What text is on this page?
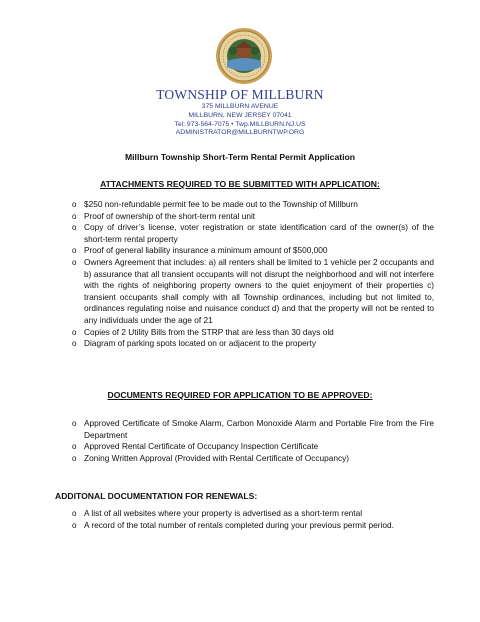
TOWNSHIP OF MILLBURN
375 MILLBURN AVENUE
MILLBURN, NEW JERSEY 07041
Tel: 973-564-7075 • Twp.MILLBURN.NJ.US
ADMINISTRATOR@MILLBURNTWP.ORG
Millburn Township Short-Term Rental Permit Application
ATTACHMENTS REQUIRED TO BE SUBMITTED WITH APPLICATION:
o $250 non-refundable permit fee to be made out to the Township of Millburn
o Proof of ownership of the short-term rental unit
o Copy of driver’s license, voter registration or state identification card of the owner(s) of the short-term rental property
o Proof of general liability insurance a minimum amount of $500,000
o Owners Agreement that includes: a) all renters shall be limited to 1 vehicle per 2 occupants and b) assurance that all transient occupants will not disrupt the neighborhood and will not interfere with the rights of neighboring property owners to the quiet enjoyment of their properties c) transient occupants shall comply with all Township ordinances, including but not limited to, ordinances regulating noise and nuisance conduct d) and that the property will not be rented to any individuals under the age of 21
o Copies of 2 Utility Bills from the STRP that are less than 30 days old
o Diagram of parking spots located on or adjacent to the property
DOCUMENTS REQUIRED FOR APPLICATION TO BE APPROVED:
o Approved Certificate of Smoke Alarm, Carbon Monoxide Alarm and Portable Fire from the Fire Department
o Approved Rental Certificate of Occupancy Inspection Certificate
o Zoning Written Approval (Provided with Rental Certificate of Occupancy)
ADDITONAL DOCUMENTATION FOR RENEWALS:
o A list of all websites where your property is advertised as a short-term rental
o A record of the total number of rentals completed during your previous permit period.
